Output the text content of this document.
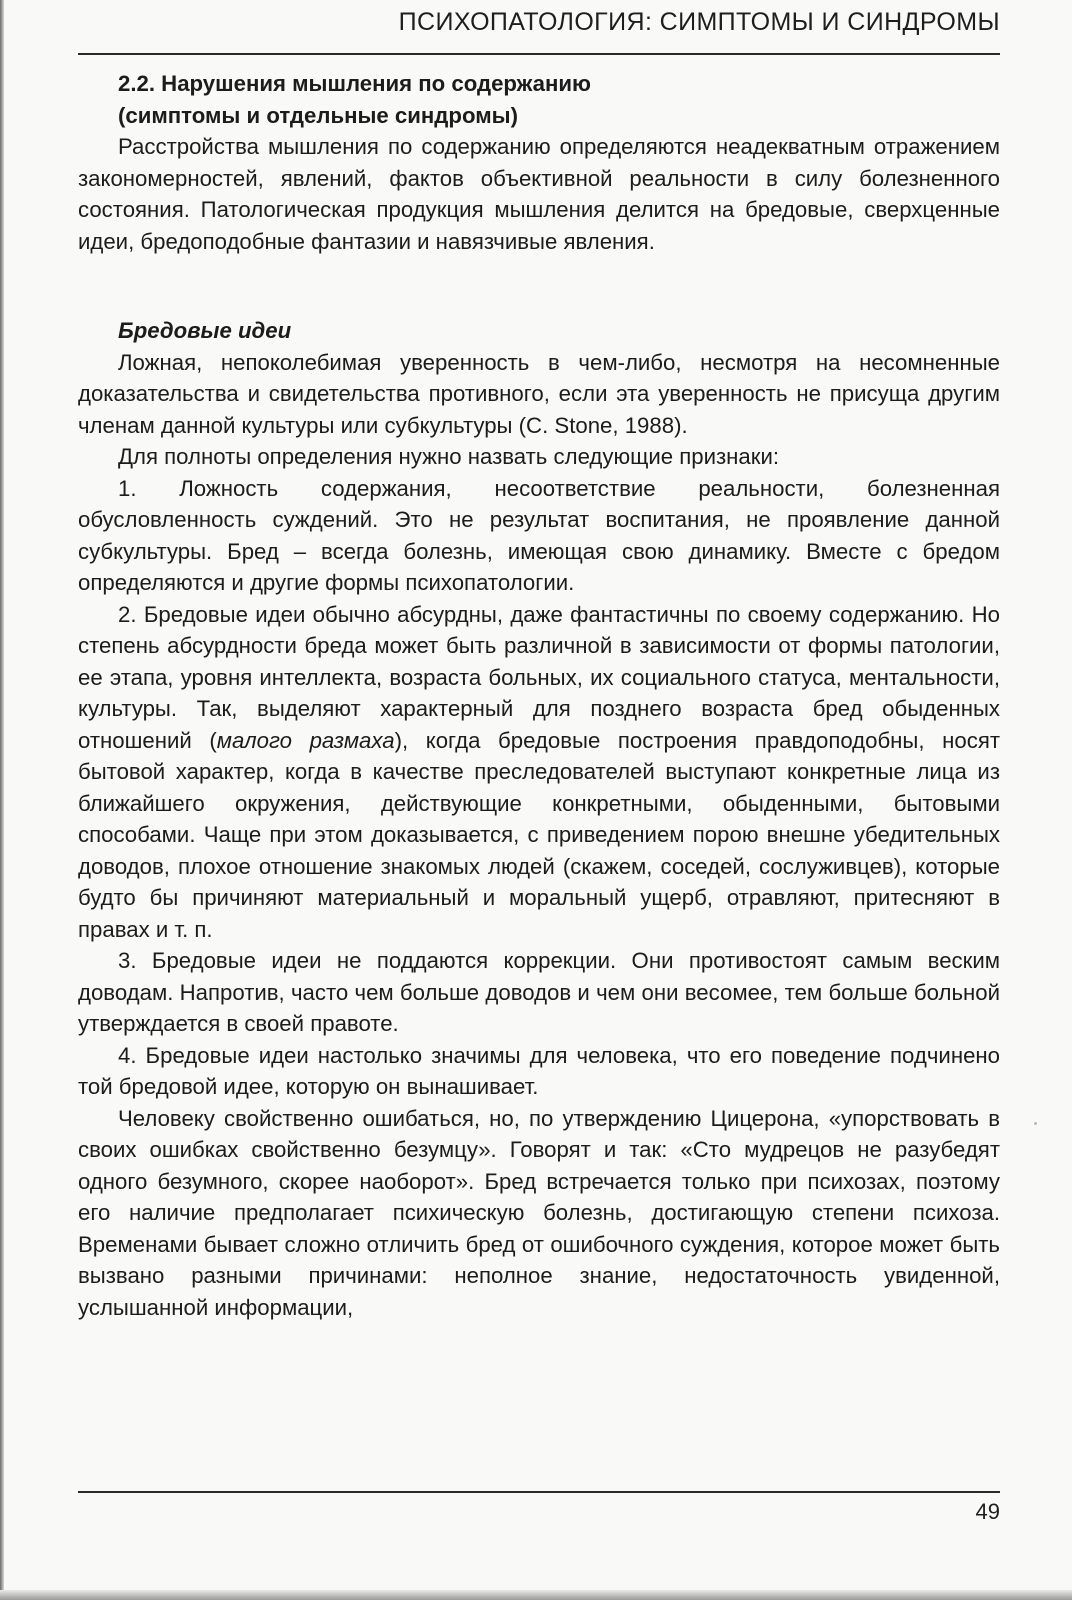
ПСИХОПАТОЛОГИЯ: СИМПТОМЫ И СИНДРОМЫ
2.2. Нарушения мышления по содержанию
(симптомы и отдельные синдромы)

Расстройства мышления по содержанию определяются неадекватным отражением закономерностей, явлений, фактов объективной реальности в силу болезненного состояния. Патологическая продукция мышления делится на бредовые, сверхценные идеи, бредоподобные фантазии и навязчивые явления.

Бредовые идеи

Ложная, непоколебимая уверенность в чем-либо, несмотря на несомненные доказательства и свидетельства противного, если эта уверенность не присуща другим членам данной культуры или субкультуры (C. Stone, 1988).

Для полноты определения нужно назвать следующие признаки:

1. Ложность содержания, несоответствие реальности, болезненная обусловленность суждений. Это не результат воспитания, не проявление данной субкультуры. Бред – всегда болезнь, имеющая свою динамику. Вместе с бредом определяются и другие формы психопатологии.

2. Бредовые идеи обычно абсурдны, даже фантастичны по своему содержанию. Но степень абсурдности бреда может быть различной в зависимости от формы патологии, ее этапа, уровня интеллекта, возраста больных, их социального статуса, ментальности, культуры. Так, выделяют характерный для позднего возраста бред обыденных отношений (малого размаха), когда бредовые построения правдоподобны, носят бытовой характер, когда в качестве преследователей выступают конкретные лица из ближайшего окружения, действующие конкретными, обыденными, бытовыми способами. Чаще при этом доказывается, с приведением порою внешне убедительных доводов, плохое отношение знакомых людей (скажем, соседей, сослуживцев), которые будто бы причиняют материальный и моральный ущерб, отравляют, притесняют в правах и т. п.

3. Бредовые идеи не поддаются коррекции. Они противостоят самым веским доводам. Напротив, часто чем больше доводов и чем они весомее, тем больше больной утверждается в своей правоте.

4. Бредовые идеи настолько значимы для человека, что его поведение подчинено той бредовой идее, которую он вынашивает.

Человеку свойственно ошибаться, но, по утверждению Цицерона, «упорствовать в своих ошибках свойственно безумцу». Говорят и так: «Сто мудрецов не разубедят одного безумного, скорее наоборот». Бред встречается только при психозах, поэтому его наличие предполагает психическую болезнь, достигающую степени психоза. Временами бывает сложно отличить бред от ошибочного суждения, которое может быть вызвано разными причинами: неполное знание, недостаточность увиденной, услышанной информации,

49
